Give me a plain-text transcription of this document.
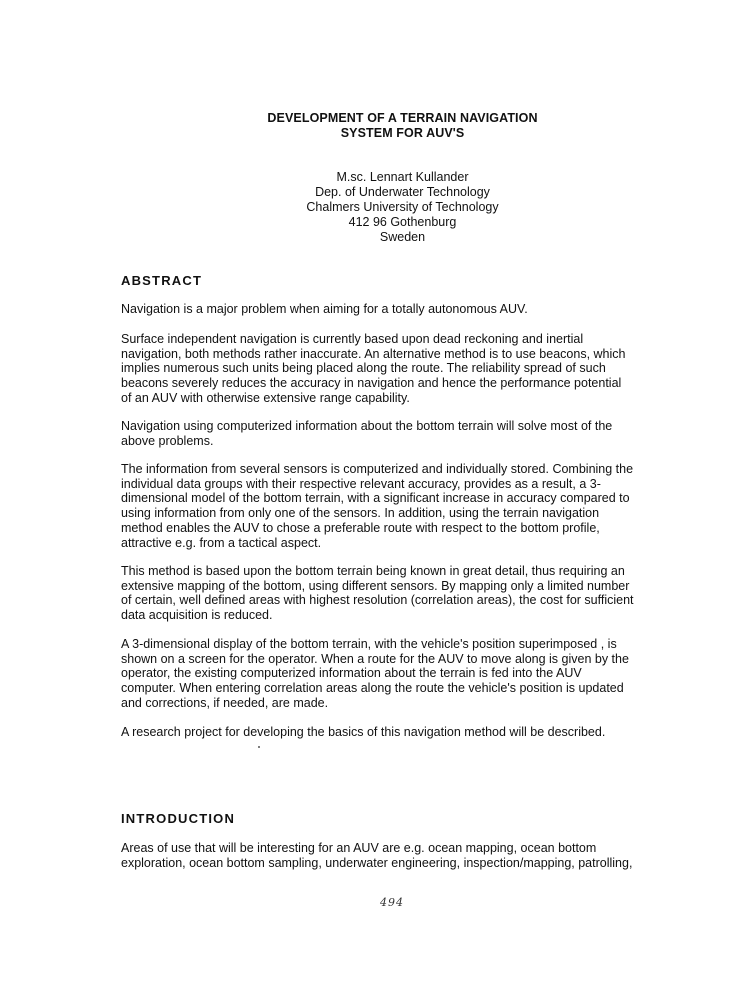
DEVELOPMENT OF A TERRAIN NAVIGATION
SYSTEM FOR AUV'S
M.sc. Lennart Kullander
Dep. of Underwater Technology
Chalmers University of Technology
412 96 Gothenburg
Sweden
ABSTRACT
Navigation is a major problem when aiming for a totally autonomous AUV.
Surface independent navigation is currently based upon dead reckoning and inertial
navigation, both methods rather inaccurate. An alternative method is to use beacons, which
implies numerous such units being placed along the route. The reliability spread of such
beacons severely reduces the accuracy in navigation and hence the performance potential
of an AUV with otherwise extensive range capability.
Navigation using computerized information about the bottom terrain will solve most of the
above problems.
The information from several sensors is computerized and individually stored. Combining the
individual data groups with their respective relevant accuracy, provides as a result, a 3-
dimensional model of the bottom terrain, with a significant increase in accuracy compared to
using information from only one of the sensors. In addition, using the terrain navigation
method enables the AUV to chose a preferable route with respect to the bottom profile,
attractive e.g. from a tactical aspect.
This method is based upon the bottom terrain being known in great detail, thus requiring an
extensive mapping of the bottom, using different sensors. By mapping only a limited number
of certain, well defined areas with highest resolution (correlation areas), the cost for sufficient
data acquisition is reduced.
A 3-dimensional display of the bottom terrain, with the vehicle's position superimposed , is
shown on a screen for the operator. When a route for the AUV to move along is given by the
operator, the existing computerized information about the terrain is fed into the AUV
computer. When entering correlation areas along the route the vehicle's position is updated
and corrections, if needed, are made.
A research project for developing the basics of this navigation method will be described.
INTRODUCTION
Areas of use that will be interesting for an AUV are e.g. ocean mapping, ocean bottom
exploration, ocean bottom sampling, underwater engineering, inspection/mapping, patrolling,
494
